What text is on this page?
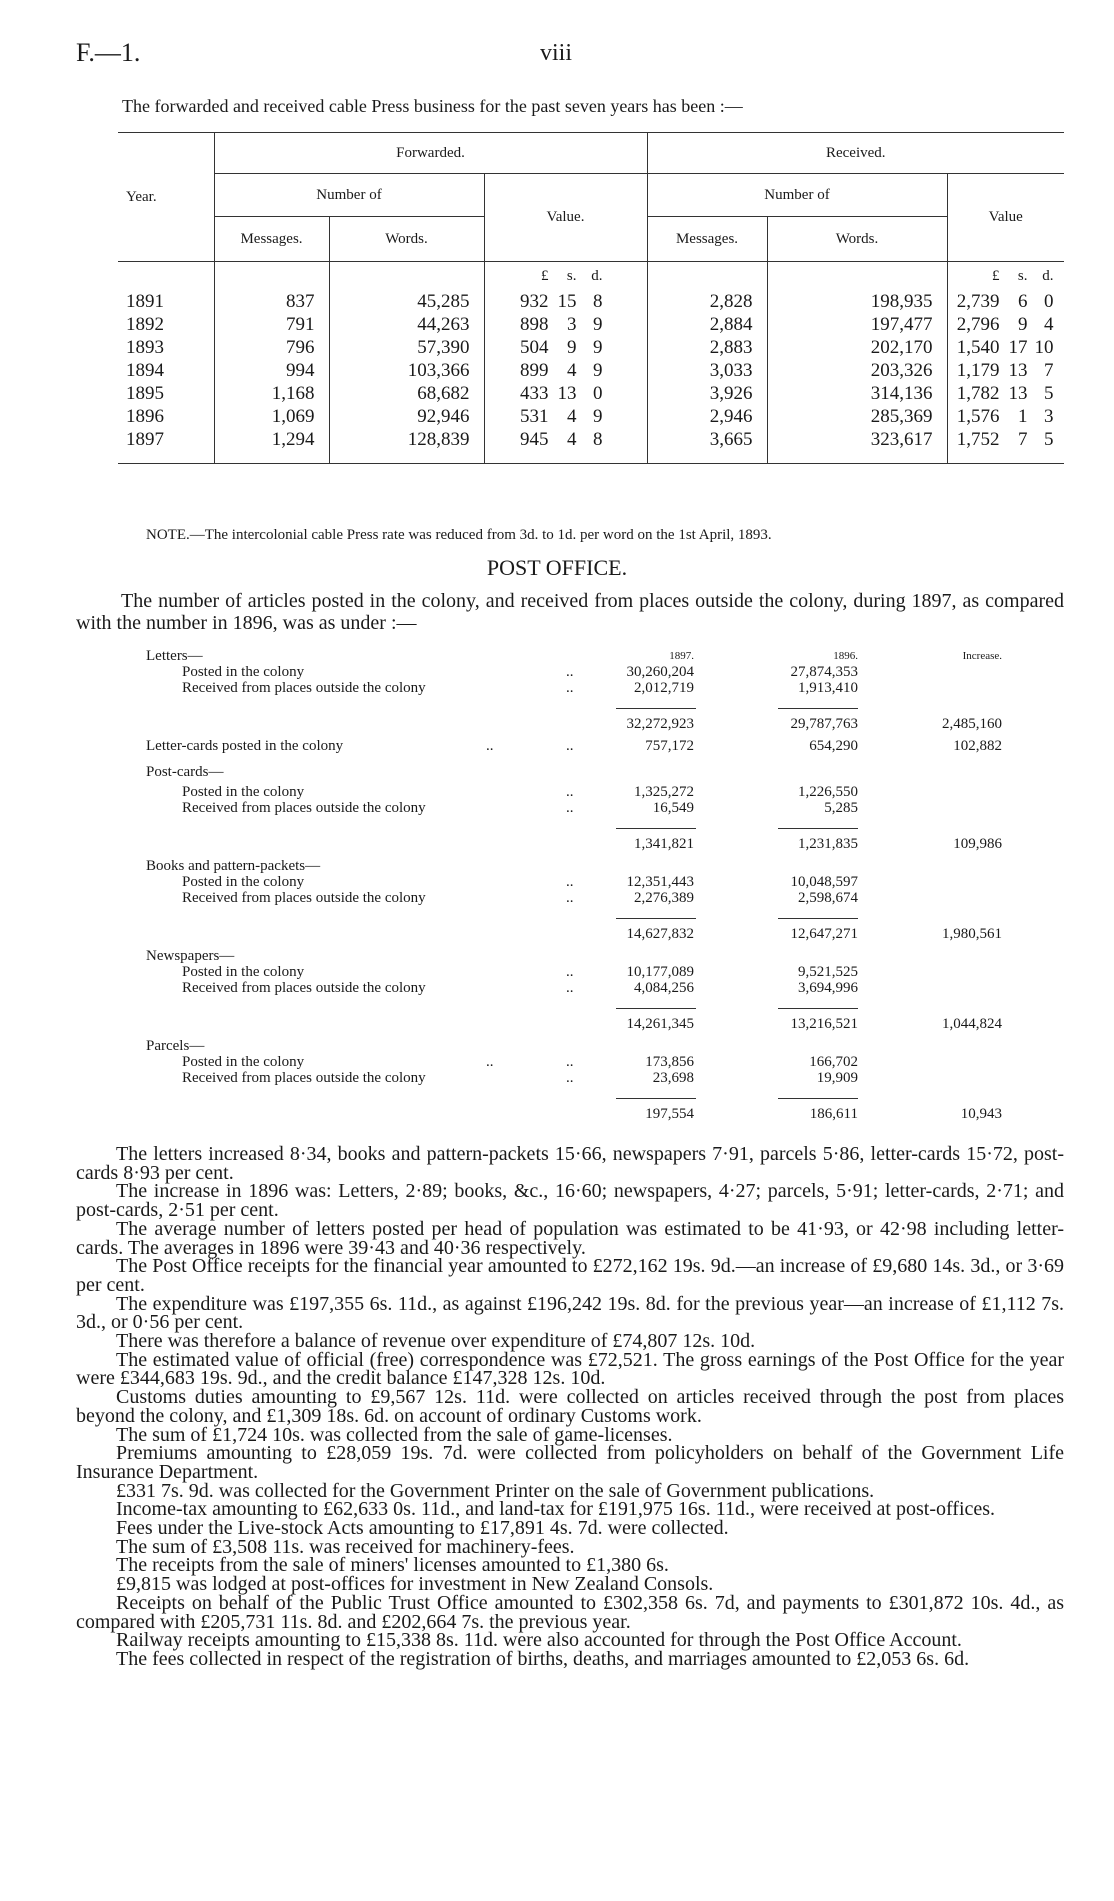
F.—1.	viii
The forwarded and received cable Press business for the past seven years has been :—
Year.	Forwarded.			Received.		
	Number of		Value.	Number of		Value
	Messages.	Words.		Messages.	Words.	
			£ s. d.			£ s. d.
1891	837	45,285	932 15 8	2,828	198,935	2,739 6 0
1892	791	44,263	898 3 9	2,884	197,477	2,796 9 4
1893	796	57,390	504 9 9	2,883	202,170	1,540 17 10
1894	994	103,366	899 4 9	3,033	203,326	1,179 13 7
1895	1,168	68,682	433 13 0	3,926	314,136	1,782 13 5
1896	1,069	92,946	531 4 9	2,946	285,369	1,576 1 3
1897	1,294	128,839	945 4 8	3,665	323,617	1,752 7 5

NOTE.—The intercolonial cable Press rate was reduced from 3d. to 1d. per word on the 1st April, 1893.
POST OFFICE.

The number of articles posted in the colony, and received from places outside the colony, during 1897, as compared with the number in 1896, was as under :—

Letters—	1897.	1896.	Increase.
Posted in the colony	..	30,260,204	27,874,353
Received from places outside the colony	..	2,012,719	1,913,410
32,272,923	29,787,763	2,485,160
Letter-cards posted in the colony	..	..	757,172	654,290	102,882
Post-cards—
Posted in the colony	..	1,325,272	1,226,550
Received from places outside the colony	..	16,549	5,285
1,341,821	1,231,835	109,986
Books and pattern-packets—
Posted in the colony	..	12,351,443	10,048,597
Received from places outside the colony	..	2,276,389	2,598,674
14,627,832	12,647,271	1,980,561
Newspapers—
Posted in the colony	..	10,177,089	9,521,525
Received from places outside the colony	..	4,084,256	3,694,996
14,261,345	13,216,521	1,044,824
Parcels—
Posted in the colony	..	..	173,856	166,702
Received from places outside the colony	..	23,698	19,909
197,554	186,611	10,943

The letters increased 8·34, books and pattern-packets 15·66, newspapers 7·91, parcels 5·86, letter-cards 15·72, post-cards 8·93 per cent.

The increase in 1896 was: Letters, 2·89; books, &c., 16·60; newspapers, 4·27; parcels, 5·91; letter-cards, 2·71; and post-cards, 2·51 per cent.

The average number of letters posted per head of population was estimated to be 41·93, or 42·98 including letter-cards. The averages in 1896 were 39·43 and 40·36 respectively.

The Post Office receipts for the financial year amounted to £272,162 19s. 9d.—an increase of £9,680 14s. 3d., or 3·69 per cent.

The expenditure was £197,355 6s. 11d., as against £196,242 19s. 8d. for the previous year—an increase of £1,112 7s. 3d., or 0·56 per cent.

There was therefore a balance of revenue over expenditure of £74,807 12s. 10d.

The estimated value of official (free) correspondence was £72,521. The gross earnings of the Post Office for the year were £344,683 19s. 9d., and the credit balance £147,328 12s. 10d.

Customs duties amounting to £9,567 12s. 11d. were collected on articles received through the post from places beyond the colony, and £1,309 18s. 6d. on account of ordinary Customs work.

The sum of £1,724 10s. was collected from the sale of game-licenses.

Premiums amounting to £28,059 19s. 7d. were collected from policyholders on behalf of the Government Life Insurance Department.

£331 7s. 9d. was collected for the Government Printer on the sale of Government publications.

Income-tax amounting to £62,633 0s. 11d., and land-tax for £191,975 16s. 11d., were received at post-offices.

Fees under the Live-stock Acts amounting to £17,891 4s. 7d. were collected.

The sum of £3,508 11s. was received for machinery-fees.

The receipts from the sale of miners' licenses amounted to £1,380 6s.

£9,815 was lodged at post-offices for investment in New Zealand Consols.

Receipts on behalf of the Public Trust Office amounted to £302,358 6s. 7d, and payments to £301,872 10s. 4d., as compared with £205,731 11s. 8d. and £202,664 7s. the previous year.

Railway receipts amounting to £15,338 8s. 11d. were also accounted for through the Post Office Account.

The fees collected in respect of the registration of births, deaths, and marriages amounted to £2,053 6s. 6d.
